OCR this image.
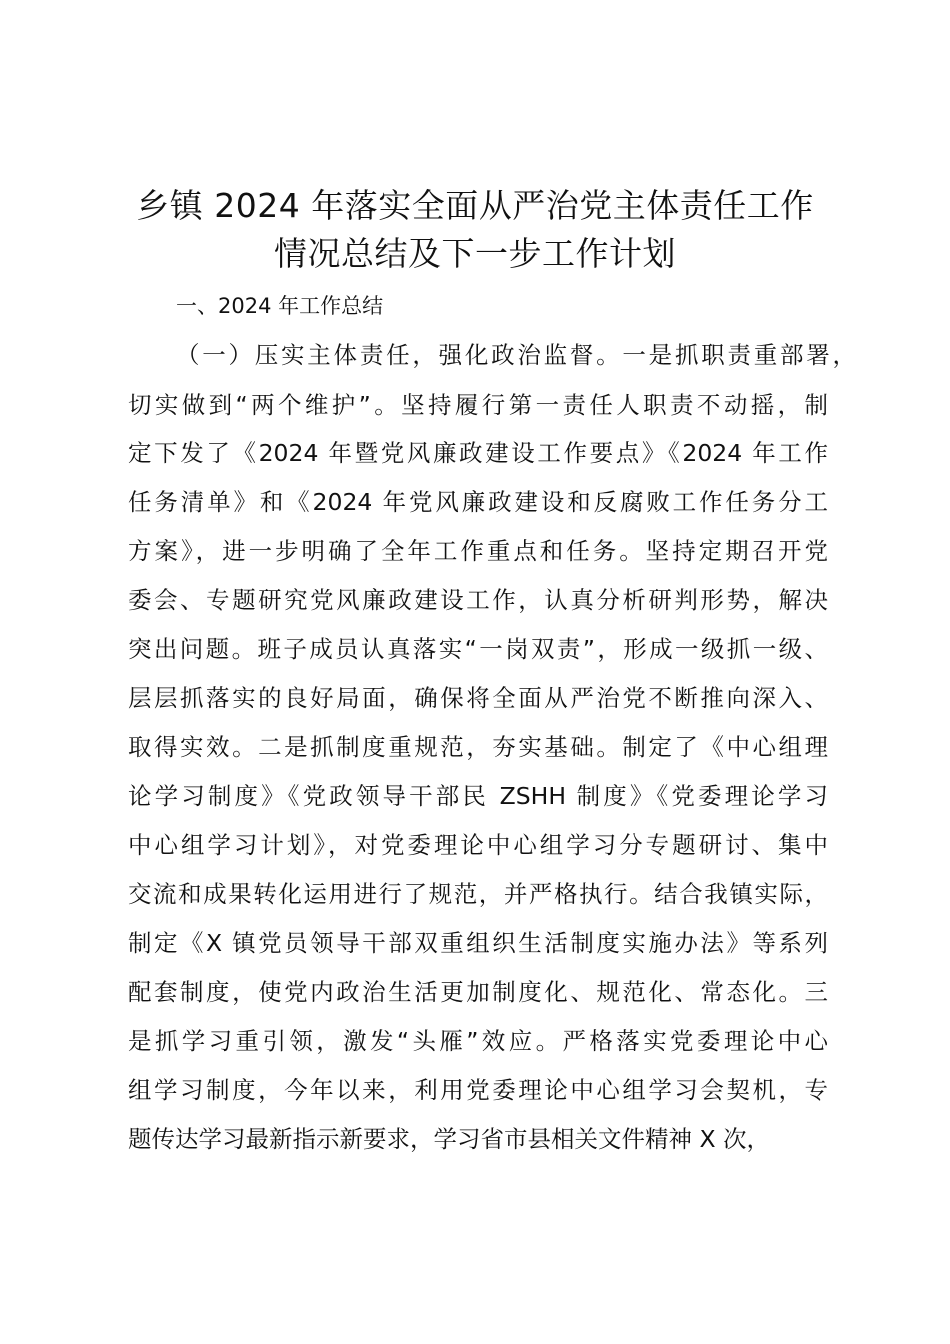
乡镇 2024 年落实全面从严治党主体责任工作
情况总结及下一步工作计划
一、2024 年工作总结
（一）压实主体责任，强化政治监督。一是抓职责重部署，
切实做到“两个维护”。坚持履行第一责任人职责不动摇，制
定下发了《2024 年暨党风廉政建设工作要点》《2024 年工作
任务清单》和《2024 年党风廉政建设和反腐败工作任务分工
方案》，进一步明确了全年工作重点和任务。坚持定期召开党
委会、专题研究党风廉政建设工作，认真分析研判形势，解决
突出问题。班子成员认真落实“一岗双责”，形成一级抓一级、
层层抓落实的良好局面，确保将全面从严治党不断推向深入、
取得实效。二是抓制度重规范，夯实基础。制定了《中心组理
论学习制度》《党政领导干部民 ZSHH 制度》《党委理论学习
中心组学习计划》，对党委理论中心组学习分专题研讨、集中
交流和成果转化运用进行了规范，并严格执行。结合我镇实际，
制定《X 镇党员领导干部双重组织生活制度实施办法》等系列
配套制度，使党内政治生活更加制度化、规范化、常态化。三
是抓学习重引领，激发“头雁”效应。严格落实党委理论中心
组学习制度，今年以来，利用党委理论中心组学习会契机，专
题传达学习最新指示新要求，学习省市县相关文件精神 X 次，
